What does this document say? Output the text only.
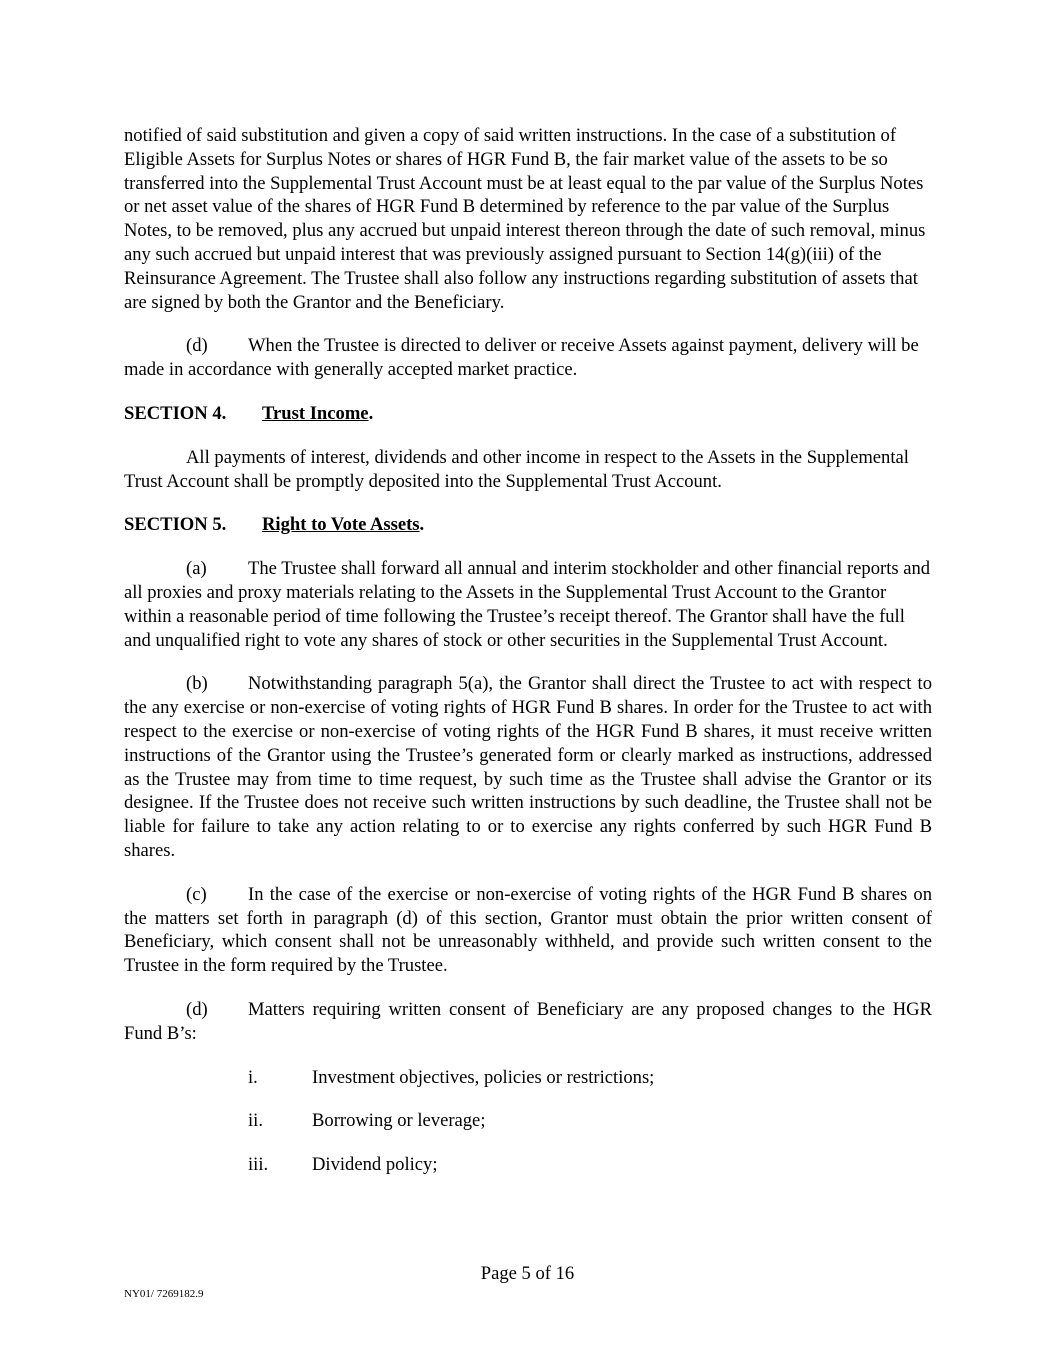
notified of said substitution and given a copy of said written instructions. In the case of a substitution of Eligible Assets for Surplus Notes or shares of HGR Fund B, the fair market value of the assets to be so transferred into the Supplemental Trust Account must be at least equal to the par value of the Surplus Notes or net asset value of the shares of HGR Fund B determined by reference to the par value of the Surplus Notes, to be removed, plus any accrued but unpaid interest thereon through the date of such removal, minus any such accrued but unpaid interest that was previously assigned pursuant to Section 14(g)(iii) of the Reinsurance Agreement. The Trustee shall also follow any instructions regarding substitution of assets that are signed by both the Grantor and the Beneficiary.

(d) When the Trustee is directed to deliver or receive Assets against payment, delivery will be made in accordance with generally accepted market practice.

SECTION 4. Trust Income.

All payments of interest, dividends and other income in respect to the Assets in the Supplemental Trust Account shall be promptly deposited into the Supplemental Trust Account.

SECTION 5. Right to Vote Assets.

(a) The Trustee shall forward all annual and interim stockholder and other financial reports and all proxies and proxy materials relating to the Assets in the Supplemental Trust Account to the Grantor within a reasonable period of time following the Trustee’s receipt thereof. The Grantor shall have the full and unqualified right to vote any shares of stock or other securities in the Supplemental Trust Account.

(b) Notwithstanding paragraph 5(a), the Grantor shall direct the Trustee to act with respect to the any exercise or non-exercise of voting rights of HGR Fund B shares. In order for the Trustee to act with respect to the exercise or non-exercise of voting rights of the HGR Fund B shares, it must receive written instructions of the Grantor using the Trustee’s generated form or clearly marked as instructions, addressed as the Trustee may from time to time request, by such time as the Trustee shall advise the Grantor or its designee. If the Trustee does not receive such written instructions by such deadline, the Trustee shall not be liable for failure to take any action relating to or to exercise any rights conferred by such HGR Fund B shares.

(c) In the case of the exercise or non-exercise of voting rights of the HGR Fund B shares on the matters set forth in paragraph (d) of this section, Grantor must obtain the prior written consent of Beneficiary, which consent shall not be unreasonably withheld, and provide such written consent to the Trustee in the form required by the Trustee.

(d) Matters requiring written consent of Beneficiary are any proposed changes to the HGR Fund B’s:

i.	Investment objectives, policies or restrictions;
ii.	Borrowing or leverage;
iii. Dividend policy;
Page 5 of 16
NY01/ 7269182.9
